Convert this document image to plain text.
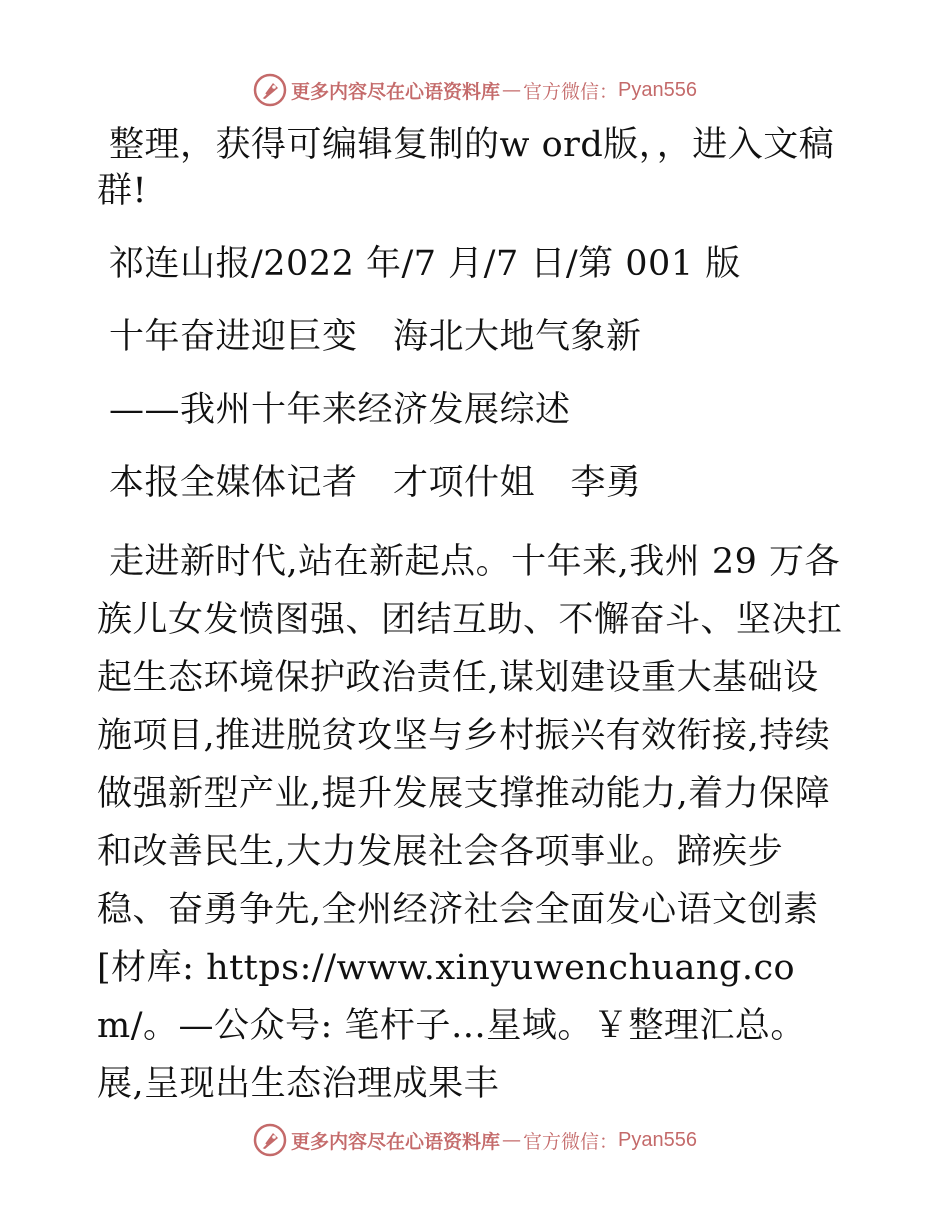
更多内容尽在心语资料库 — 官方微信： Pyan556

整理，获得可编辑复制的w ord版，，进入文稿群!

祁连山报/2022 年/7 月/7 日/第 001 版

十年奋进迎巨变　海北大地气象新

——我州十年来经济发展综述

本报全媒体记者　才项什姐　李勇

走进新时代,站在新起点。十年来,我州 29 万各族儿女发愤图强、团结互助、不懈奋斗、坚决扛起生态环境保护政治责任,谋划建设重大基础设施项目,推进脱贫攻坚与乡村振兴有效衔接,持续做强新型产业,提升发展支撑推动能力,着力保障和改善民生,大力发展社会各项事业。蹄疾步稳、奋勇争先,全州经济社会全面发心语文创素[材库: https://www.xinyuwenchuang.com/。—公众号: 笔杆子…星域。￥整理汇总。展,呈现出生态治理成果丰

更多内容尽在心语资料库 — 官方微信： Pyan556
